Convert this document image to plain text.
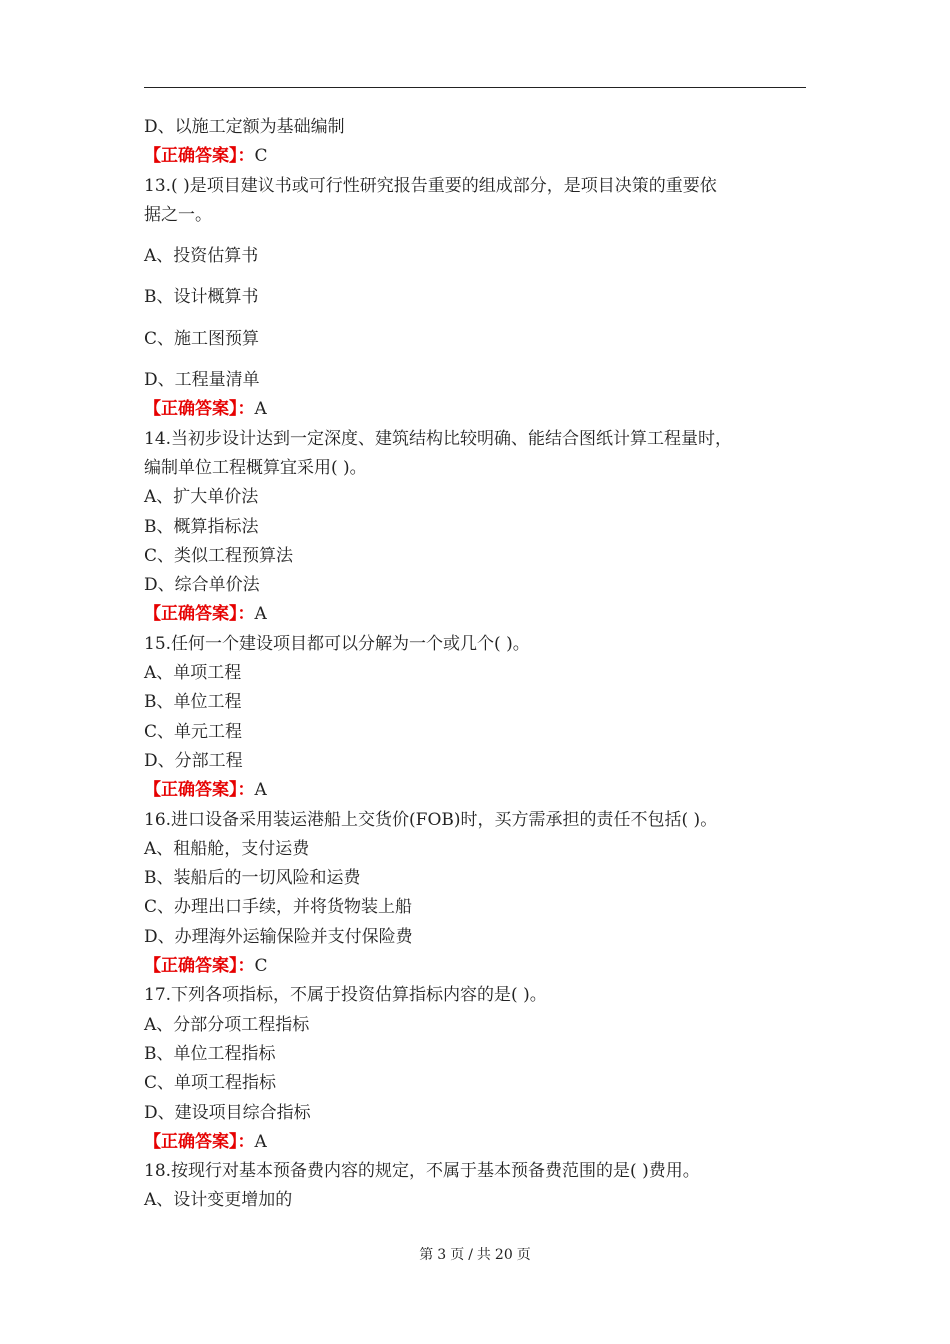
D、以施工定额为基础编制
【正确答案】：C
13.( )是项目建议书或可行性研究报告重要的组成部分，是项目决策的重要依
据之一。
A、投资估算书
B、设计概算书
C、施工图预算
D、工程量清单
【正确答案】：A
14.当初步设计达到一定深度、建筑结构比较明确、能结合图纸计算工程量时，
编制单位工程概算宜采用( )。
A、扩大单价法
B、概算指标法
C、类似工程预算法
D、综合单价法
【正确答案】：A
15.任何一个建设项目都可以分解为一个或几个( )。
A、单项工程
B、单位工程
C、单元工程
D、分部工程
【正确答案】：A
16.进口设备采用装运港船上交货价(FOB)时，买方需承担的责任不包括( )。
A、租船舱，支付运费
B、装船后的一切风险和运费
C、办理出口手续，并将货物装上船
D、办理海外运输保险并支付保险费
【正确答案】：C
17.下列各项指标，不属于投资估算指标内容的是( )。
A、分部分项工程指标
B、单位工程指标
C、单项工程指标
D、建设项目综合指标
【正确答案】：A
18.按现行对基本预备费内容的规定，不属于基本预备费范围的是( )费用。
A、设计变更增加的
第 3 页 / 共 20 页
